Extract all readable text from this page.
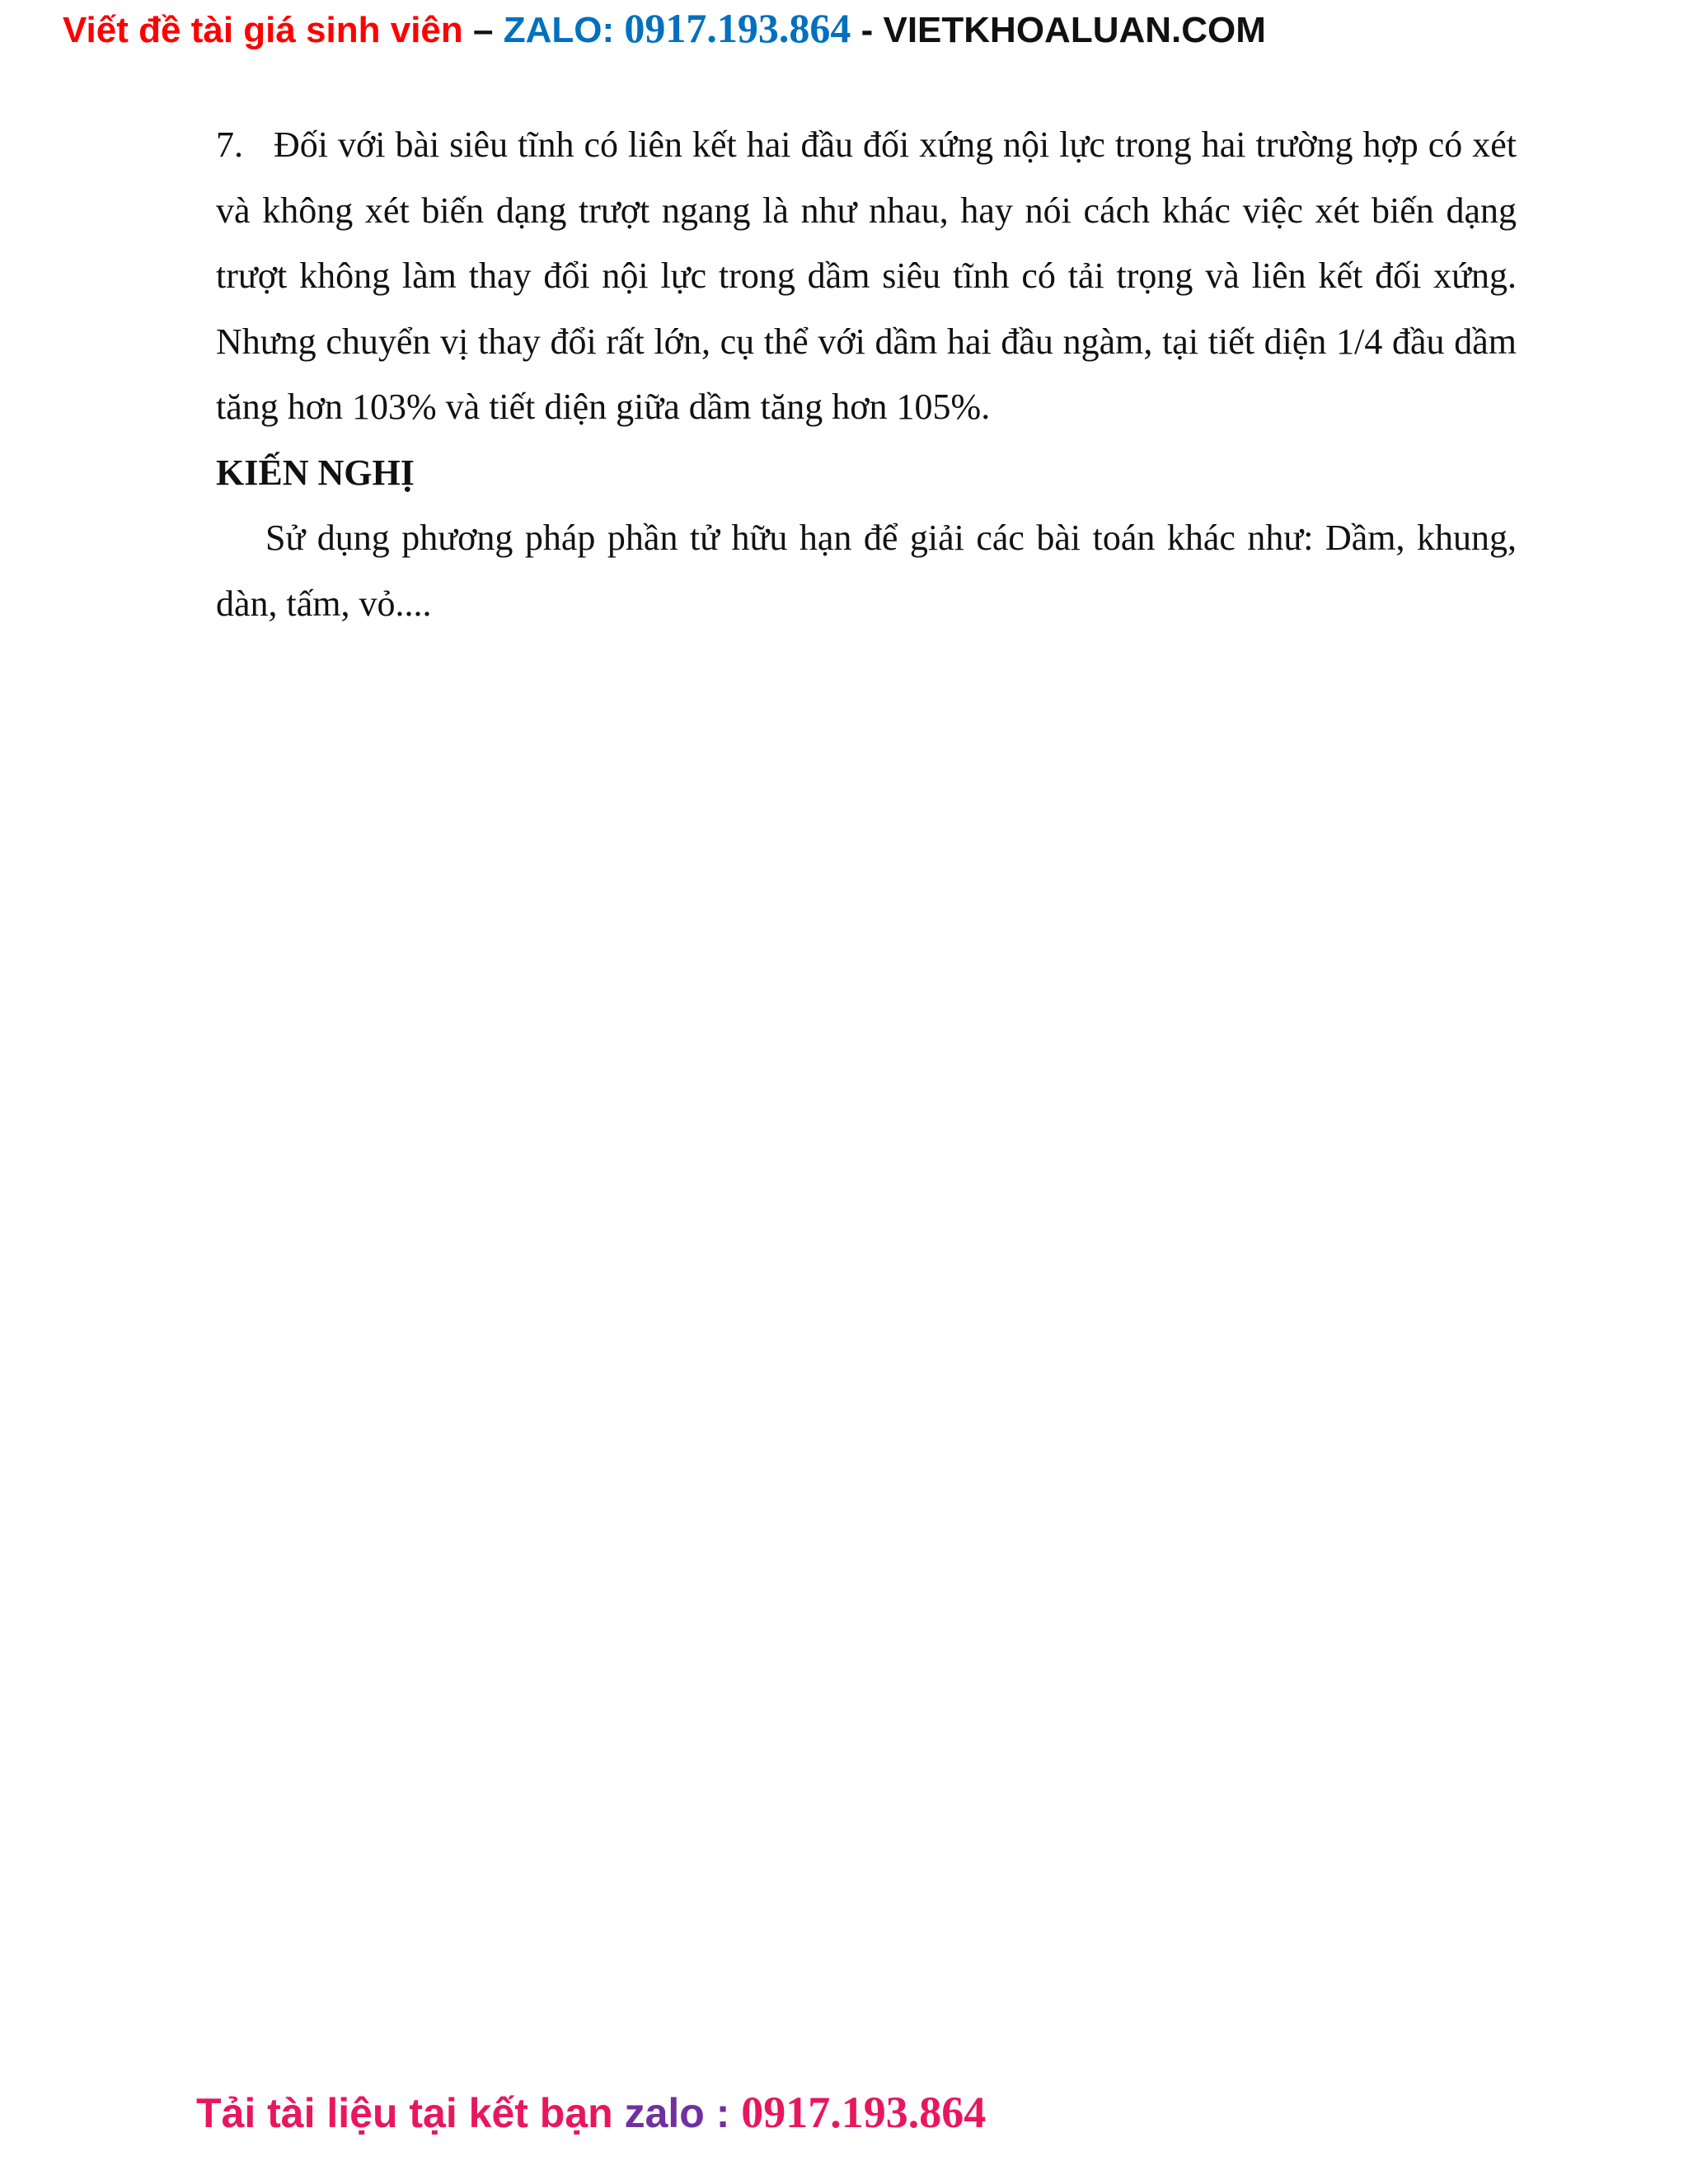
Viết đề tài giá sinh viên – ZALO: 0917.193.864 - VIETKHOALUAN.COM

7. Đối với bài siêu tĩnh có liên kết hai đầu đối xứng nội lực trong hai trường hợp có xét và không xét biến dạng trượt ngang là như nhau, hay nói cách khác việc xét biến dạng trượt không làm thay đổi nội lực trong dầm siêu tĩnh có tải trọng và liên kết đối xứng. Nhưng chuyển vị thay đổi rất lớn, cụ thể với dầm hai đầu ngàm, tại tiết diện 1/4 đầu dầm tăng hơn 103% và tiết diện giữa dầm tăng hơn 105%.

KIẾN NGHỊ

Sử dụng phương pháp phần tử hữu hạn để giải các bài toán khác như: Dầm, khung, dàn, tấm, vỏ....

Tải tài liệu tại kết bạn zalo : 0917.193.864
